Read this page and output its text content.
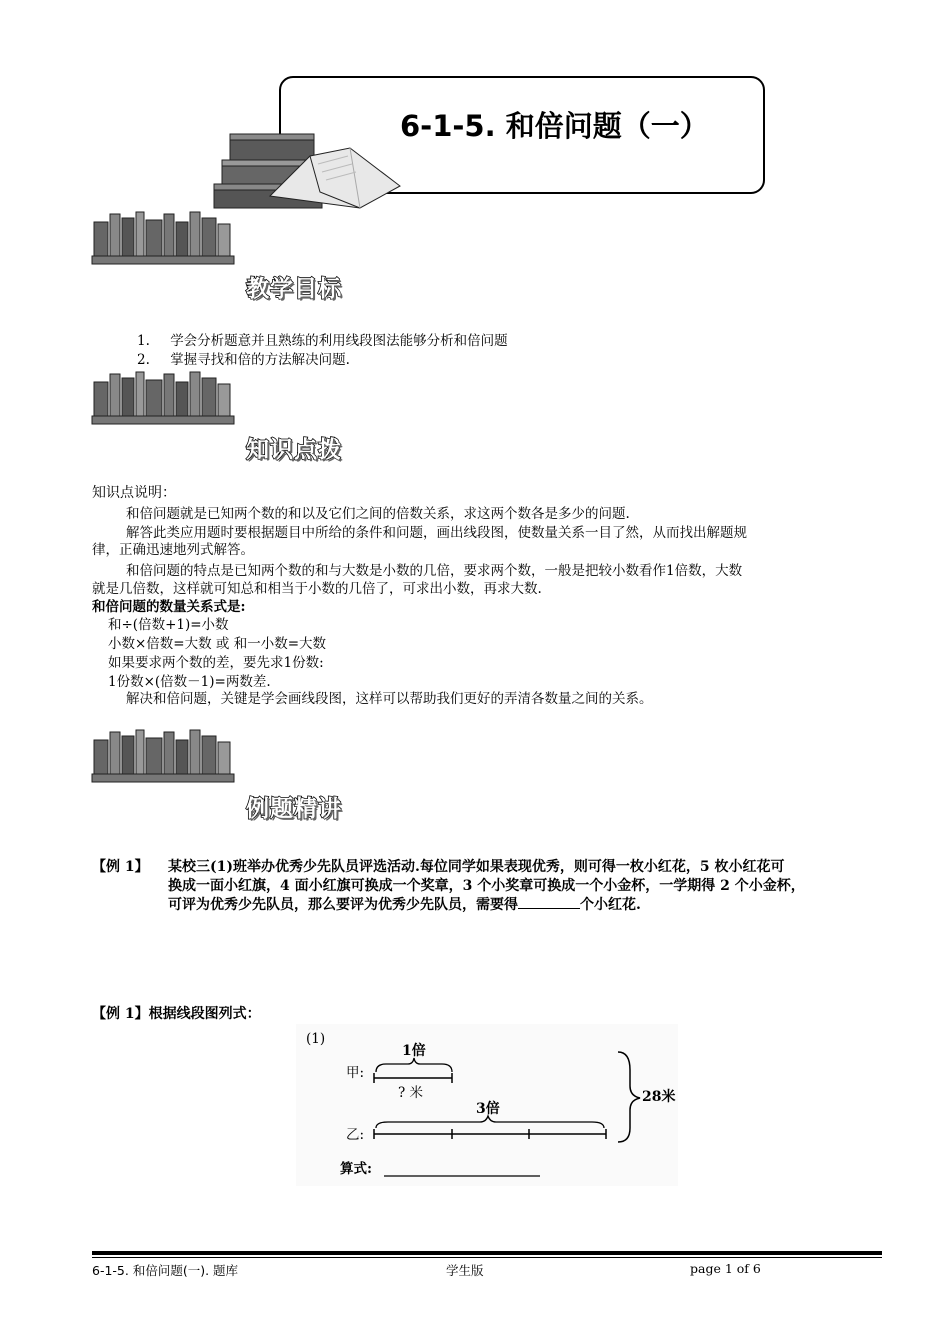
6-1-5. 和倍问题（一）
教学目标
1. 学会分析题意并且熟练的利用线段图法能够分析和倍问题
2. 掌握寻找和倍的方法解决问题.
知识点拨
知识点说明：
和倍问题就是已知两个数的和以及它们之间的倍数关系，求这两个数各是多少的问题.
解答此类应用题时要根据题目中所给的条件和问题，画出线段图，使数量关系一目了然，从而找出解题规
律，正确迅速地列式解答。
和倍问题的特点是已知两个数的和与大数是小数的几倍，要求两个数，一般是把较小数看作1倍数，大数
就是几倍数，这样就可知总和相当于小数的几倍了，可求出小数，再求大数.
和倍问题的数量关系式是:
和÷(倍数+1)=小数
小数×倍数=大数 或 和一小数=大数
如果要求两个数的差，要先求1份数:
1份数×(倍数－1)=两数差.
解决和倍问题，关键是学会画线段图，这样可以帮助我们更好的弄清各数量之间的关系。
例题精讲
【例 1】 某校三(1)班举办优秀少先队员评选活动.每位同学如果表现优秀，则可得一枚小红花，5 枚小红花可
换成一面小红旗，4 面小红旗可换成一个奖章，3 个小奖章可换成一个小金杯，一学期得 2 个小金杯，
可评为优秀少先队员，那么要评为优秀少先队员，需要得	个小红花.
【例 1】根据线段图列式：
(1)
甲:
1倍
? 米
3倍
乙:
28米
算式:
6-1-5. 和倍问题(一). 题库	学生版	page 1 of 6
